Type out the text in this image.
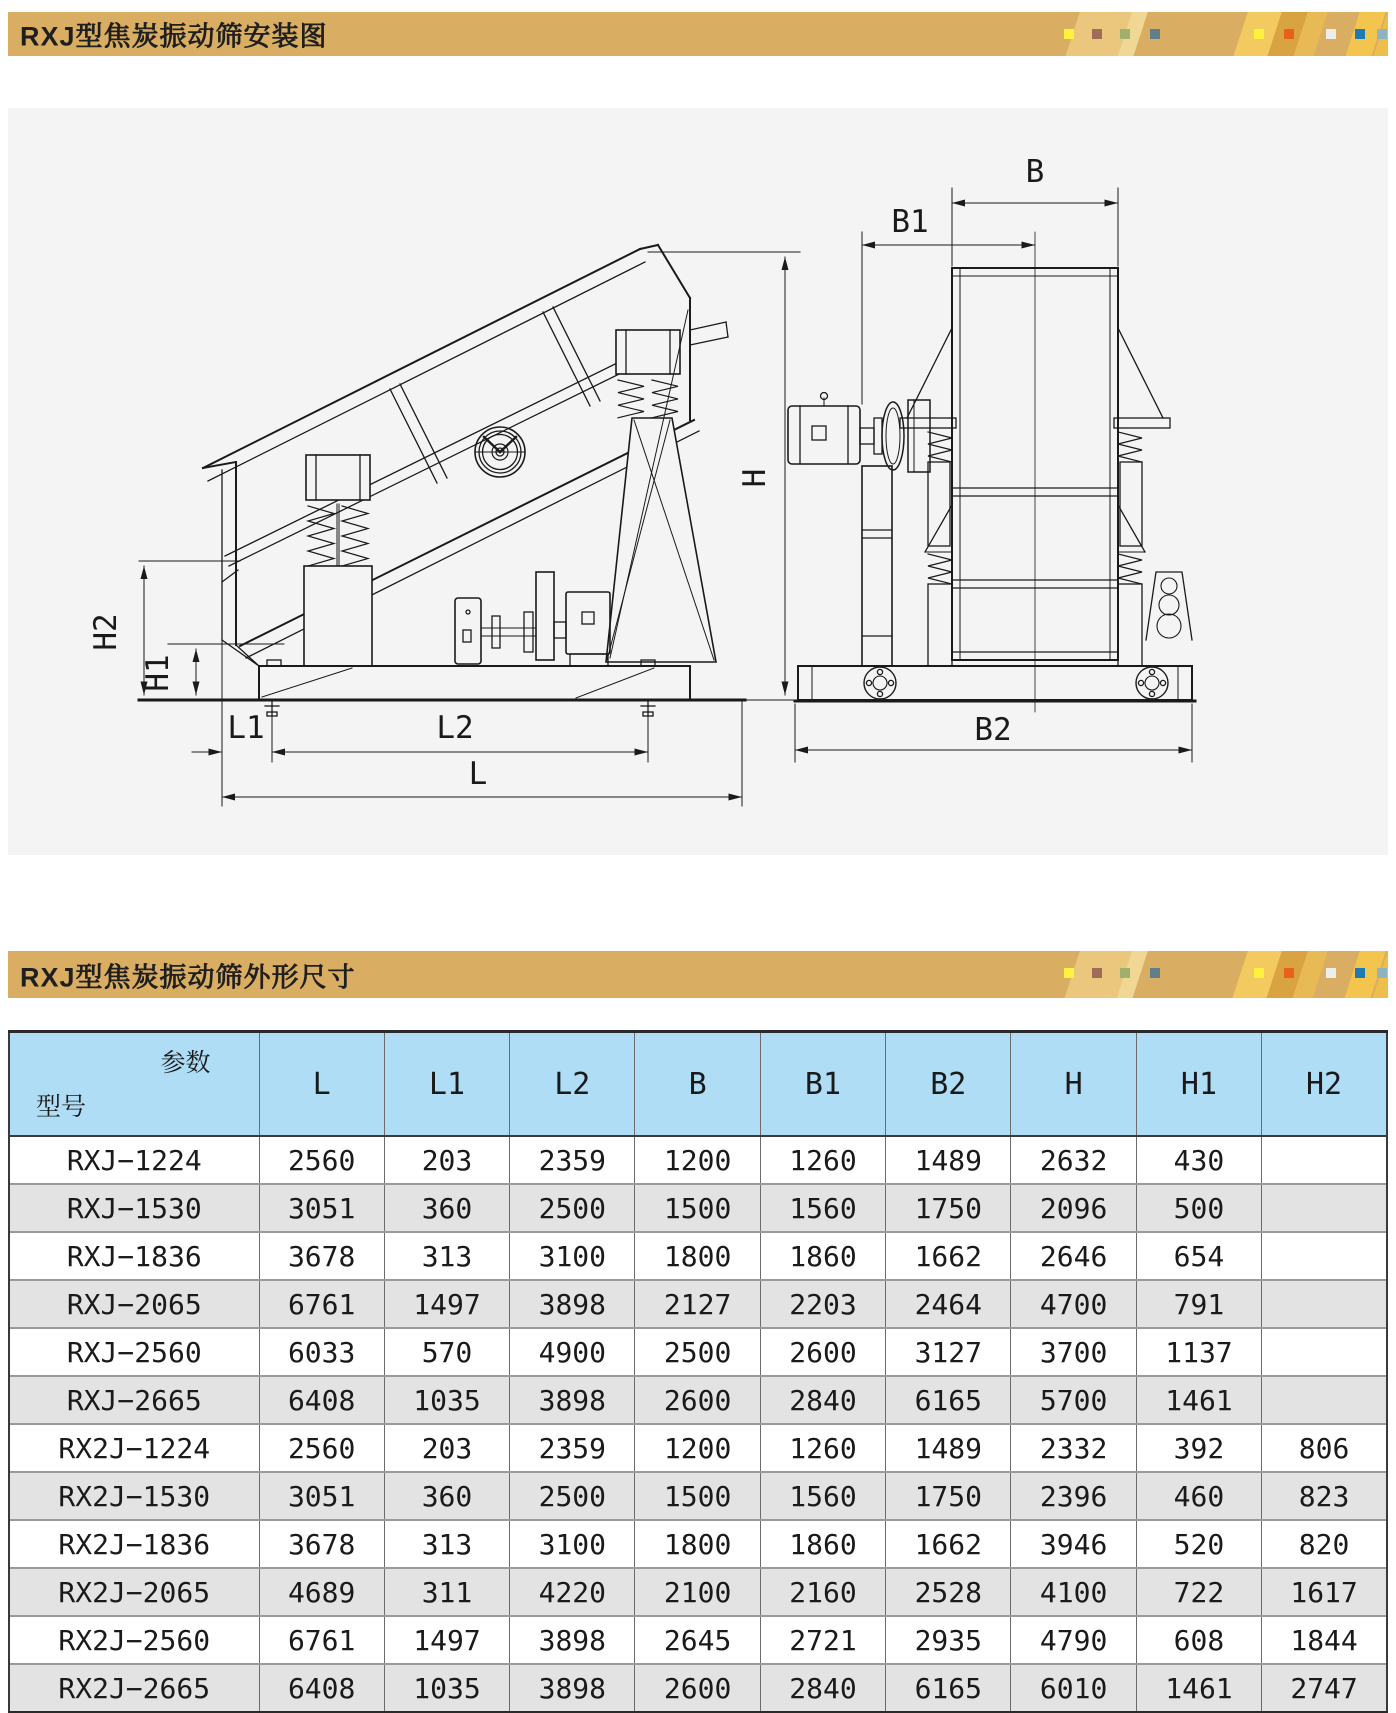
RXJ型焦炭振动筛安装图
H2
H1
L1	L2
L
H
B
B1
B2
RXJ型焦炭振动筛外形尺寸
参数
型号	L	L1	L2	B	B1	B2	H	H1	H2
RXJ−1224	2560	203	2359	1200	1260	1489	2632	430	
RXJ−1530	3051	360	2500	1500	1560	1750	2096	500	
RXJ−1836	3678	313	3100	1800	1860	1662	2646	654	
RXJ−2065	6761	1497	3898	2127	2203	2464	4700	791	
RXJ−2560	6033	570	4900	2500	2600	3127	3700	1137	
RXJ−2665	6408	1035	3898	2600	2840	6165	5700	1461	
RX2J−1224	2560	203	2359	1200	1260	1489	2332	392	806
RX2J−1530	3051	360	2500	1500	1560	1750	2396	460	823
RX2J−1836	3678	313	3100	1800	1860	1662	3946	520	820
RX2J−2065	4689	311	4220	2100	2160	2528	4100	722	1617
RX2J−2560	6761	1497	3898	2645	2721	2935	4790	608	1844
RX2J−2665	6408	1035	3898	2600	2840	6165	6010	1461	2747
